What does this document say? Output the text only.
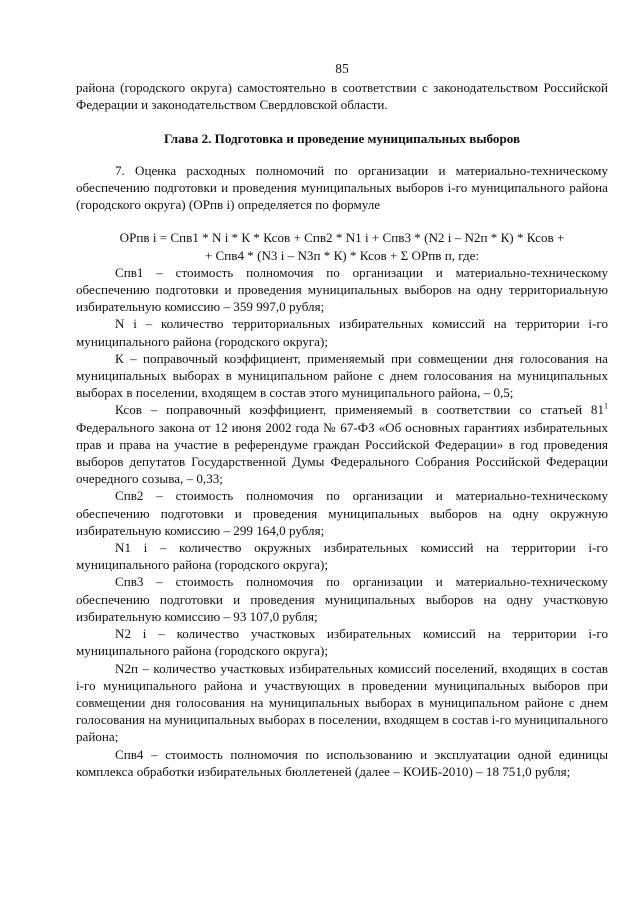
85

района (городского округа) самостоятельно в соответствии с законодательством Российской Федерации и законодательством Свердловской области.

Глава 2. Подготовка и проведение муниципальных выборов

7. Оценка расходных полномочий по организации и материально-техническому обеспечению подготовки и проведения муниципальных выборов i-го муниципального района (городского округа) (ОРпв i) определяется по формуле

ОРпв i = Спв1 * N i * К * Ксов + Спв2 * N1 i + Спв3 * (N2 i – N2п * К) * Ксов +
+ Спв4 * (N3 i – N3п * К) * Ксов + Σ ОРпв п, где:

Спв1 – стоимость полномочия по организации и материально-техническому обеспечению подготовки и проведения муниципальных выборов на одну территориальную избирательную комиссию – 359 997,0 рубля;

N i – количество территориальных избирательных комиссий на территории i-го муниципального района (городского округа);

К – поправочный коэффициент, применяемый при совмещении дня голосования на муниципальных выборах в муниципальном районе с днем голосования на муниципальных выборах в поселении, входящем в состав этого муниципального района, – 0,5;

Ксов – поправочный коэффициент, применяемый в соответствии со статьей $81^1$ Федерального закона от 12 июня 2002 года № 67-ФЗ «Об основных гарантиях избирательных прав и права на участие в референдуме граждан Российской Федерации» в год проведения выборов депутатов Государственной Думы Федерального Собрания Российской Федерации очередного созыва, – 0,33;

Спв2 – стоимость полномочия по организации и материально-техническому обеспечению подготовки и проведения муниципальных выборов на одну окружную избирательную комиссию – 299 164,0 рубля;

N1 i – количество окружных избирательных комиссий на территории i-го муниципального района (городского округа);

Спв3 – стоимость полномочия по организации и материально-техническому обеспечению подготовки и проведения муниципальных выборов на одну участковую избирательную комиссию – 93 107,0 рубля;

N2 i – количество участковых избирательных комиссий на территории i-го муниципального района (городского округа);

N2п – количество участковых избирательных комиссий поселений, входящих в состав i-го муниципального района и участвующих в проведении муниципальных выборов при совмещении дня голосования на муниципальных выборах в муниципальном районе с днем голосования на муниципальных выборах в поселении, входящем в состав i-го муниципального района;

Спв4 – стоимость полномочия по использованию и эксплуатации одной единицы комплекса обработки избирательных бюллетеней (далее – КОИБ-2010) – 18 751,0 рубля;
